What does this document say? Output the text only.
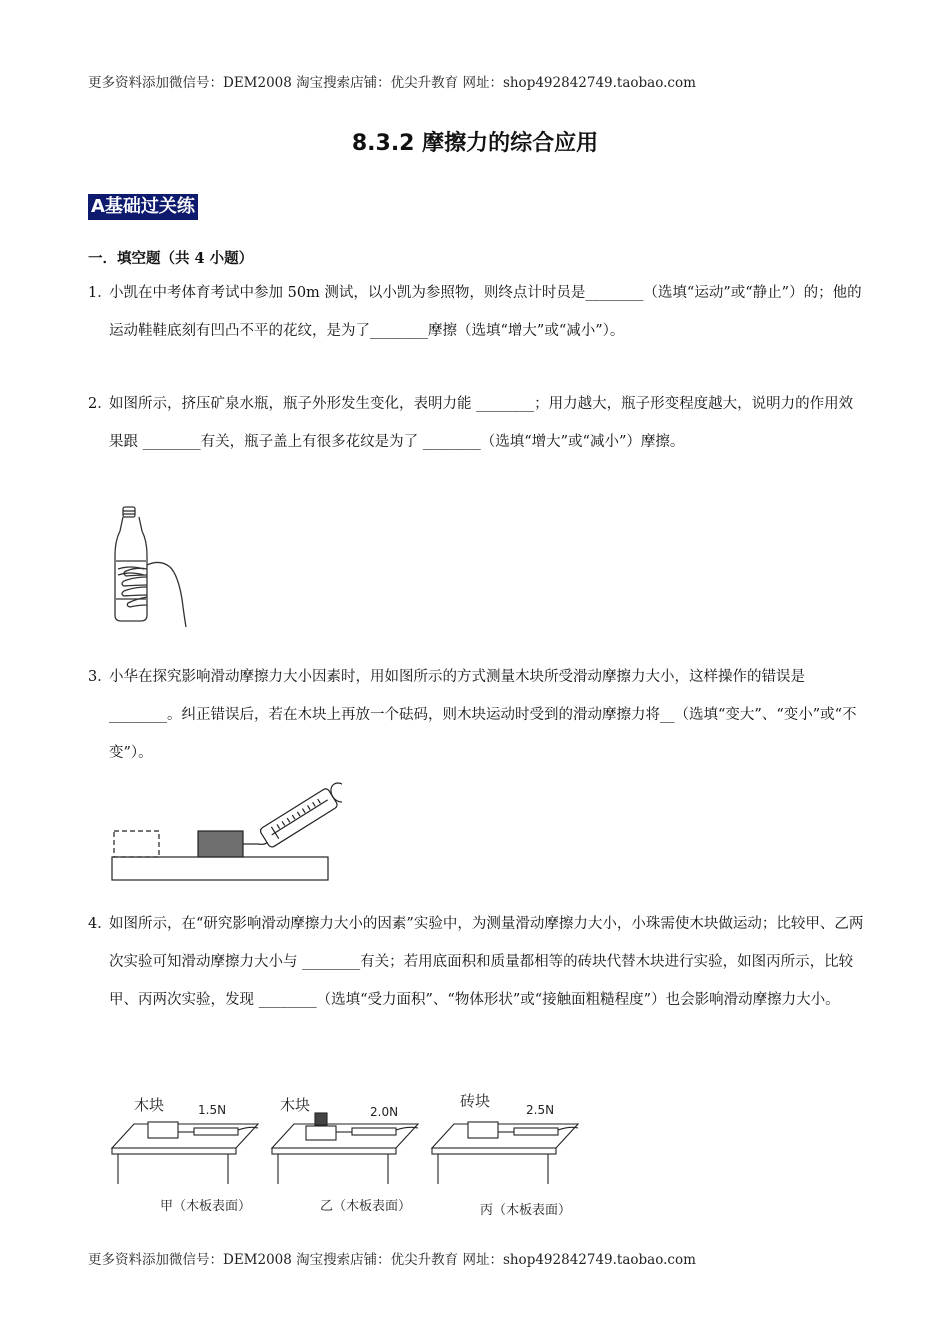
更多资料添加微信号：DEM2008 淘宝搜索店铺：优尖升教育 网址：shop492842749.taobao.com
8.3.2 摩擦力的综合应用
A基础过关练
一．填空题（共 4 小题）
1．
小凯在中考体育考试中参加 50m 测试，以小凯为参照物，则终点计时员是________（选填“运动”或“静止”）的；他的运动鞋鞋底刻有凹凸不平的花纹，是为了________摩擦（选填“增大”或“减小”）。
2．
如图所示，挤压矿泉水瓶，瓶子外形发生变化，表明力能 ________；用力越大，瓶子形变程度越大，说明力的作用效果跟 ________有关，瓶子盖上有很多花纹是为了 ________（选填“增大”或“减小”）摩擦。
3．
小华在探究影响滑动摩擦力大小因素时，用如图所示的方式测量木块所受滑动摩擦力大小，这样操作的错误是________。纠正错误后，若在木块上再放一个砝码，则木块运动时受到的滑动摩擦力将__（选填“变大”、“变小”或“不变”）。
4．
如图所示，在“研究影响滑动摩擦力大小的因素”实验中，为测量滑动摩擦力大小，小珠需使木块做运动；比较甲、乙两次实验可知滑动摩擦力大小与 ________有关；若用底面积和质量都相等的砖块代替木块进行实验，如图丙所示，比较甲、丙两次实验，发现 ________（选填“受力面积”、“物体形状”或“接触面粗糙程度”）也会影响滑动摩擦力大小。
木块	1.5N
甲（木板表面）
木块	2.0N
乙（木板表面）
砖块	2.5N
丙（木板表面）
更多资料添加微信号：DEM2008 淘宝搜索店铺：优尖升教育 网址：shop492842749.taobao.com
